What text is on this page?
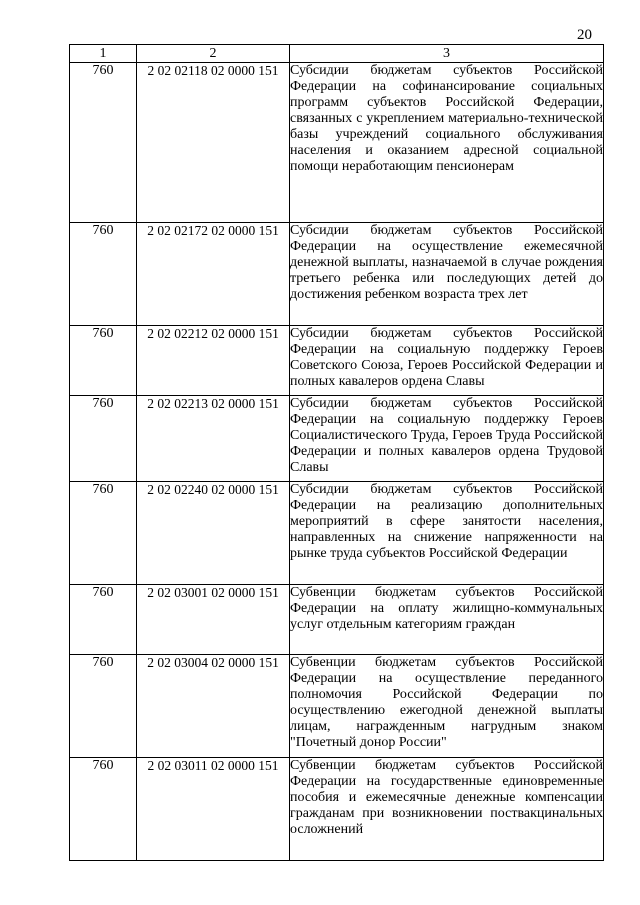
20
1	2	3
760	2 02 02118 02 0000 151	Субсидии бюджетам субъектов Российской Федерации на софинансирование социальных программ субъектов Российской Федерации, связанных с укреплением материально-технической базы учреждений социального обслуживания населения и оказанием адресной социальной помощи неработающим пенсионерам
760	2 02 02172 02 0000 151	Субсидии бюджетам субъектов Российской Федерации на осуществление ежемесячной денежной выплаты, назначаемой в случае рождения третьего ребенка или последующих детей до достижения ребенком возраста трех лет
760	2 02 02212 02 0000 151	Субсидии бюджетам субъектов Российской Федерации на социальную поддержку Героев Советского Союза, Героев Российской Федерации и полных кавалеров ордена Славы
760	2 02 02213 02 0000 151	Субсидии бюджетам субъектов Российской Федерации на социальную поддержку Героев Социалистического Труда, Героев Труда Российской Федерации и полных кавалеров ордена Трудовой Славы
760	2 02 02240 02 0000 151	Субсидии бюджетам субъектов Российской Федерации на реализацию дополнительных мероприятий в сфере занятости населения, направленных на снижение напряженности на рынке труда субъектов Российской Федерации
760	2 02 03001 02 0000 151	Субвенции бюджетам субъектов Российской Федерации на оплату жилищно-коммунальных услуг отдельным категориям граждан
760	2 02 03004 02 0000 151	Субвенции бюджетам субъектов Российской Федерации на осуществление переданного полномочия Российской Федерации по осуществлению ежегодной денежной выплаты лицам, награжденным нагрудным знаком "Почетный донор России"
760	2 02 03011 02 0000 151	Субвенции бюджетам субъектов Российской Федерации на государственные единовременные пособия и ежемесячные денежные компенсации гражданам при возникновении поствакцинальных осложнений
